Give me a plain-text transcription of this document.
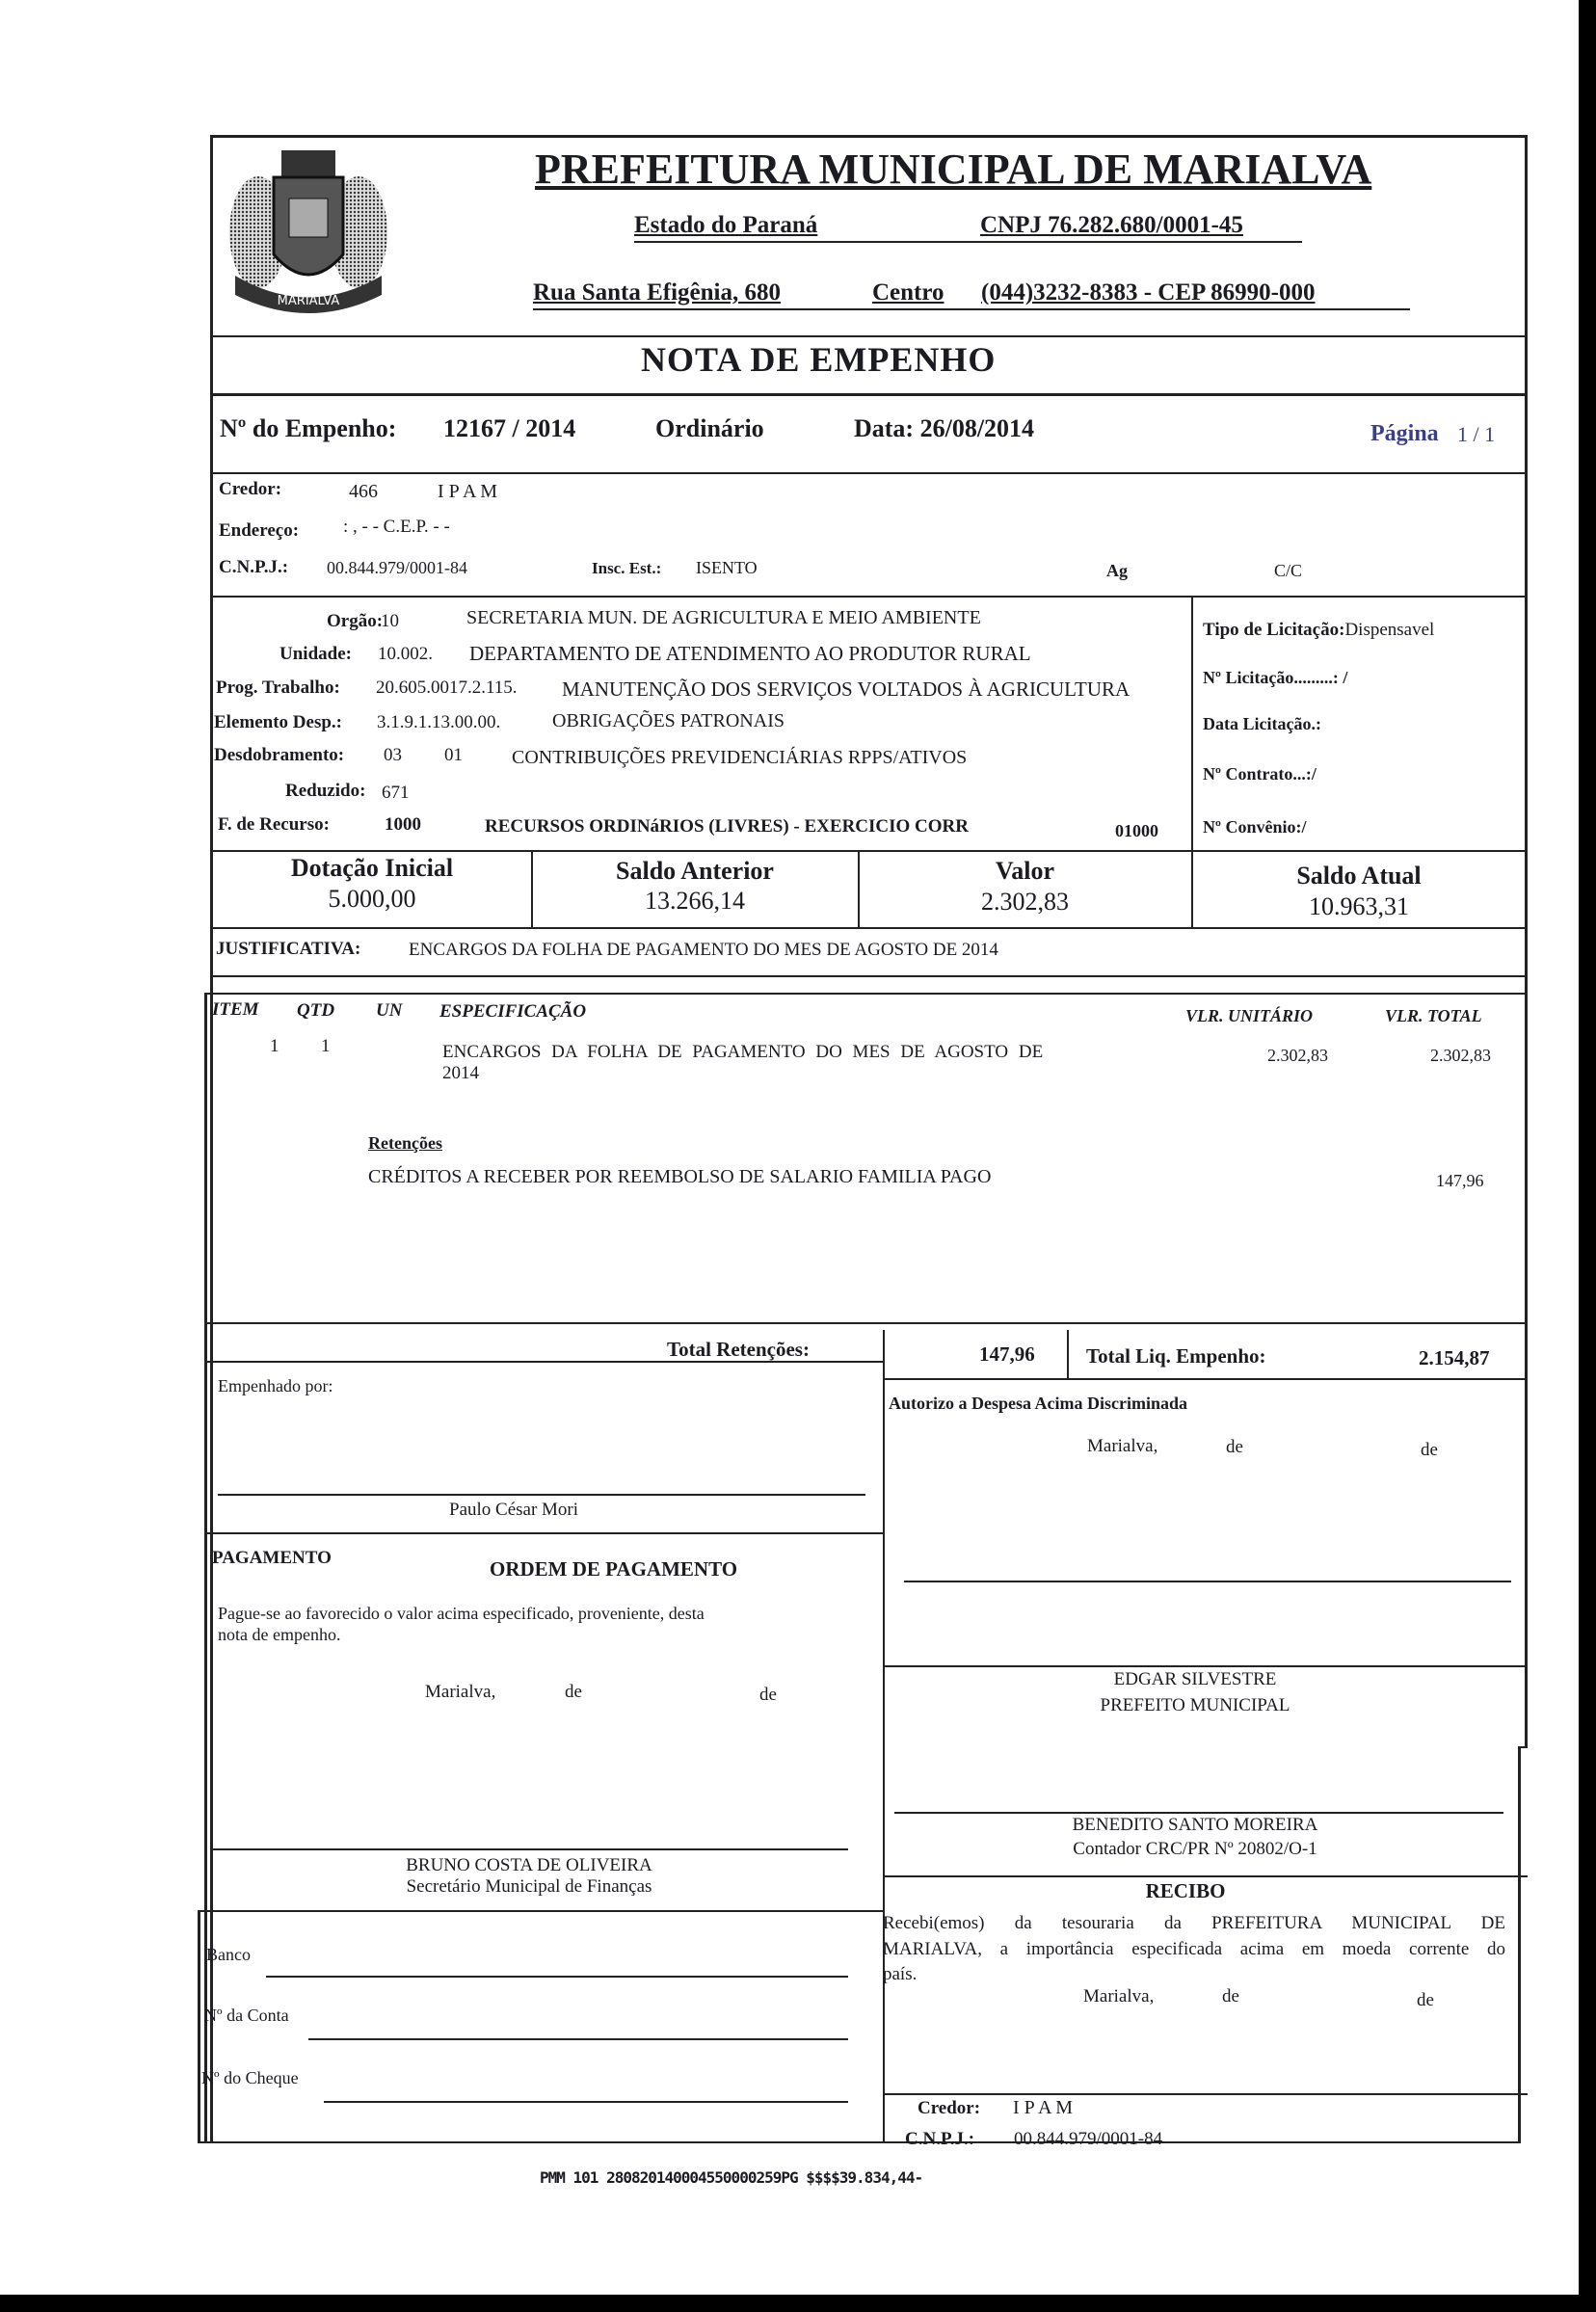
MARIALVA
PREFEITURA MUNICIPAL DE MARIALVA
Estado do Paraná	CNPJ 76.282.680/0001-45
Rua Santa Efigênia, 680	Centro (044)3232-8383 - CEP 86990-000
NOTA DE EMPENHO
Nº do Empenho: 12167 / 2014	Ordinário	Data: 26/08/2014	Página 1 / 1
Credor:	466	I P A M
Endereço: : , - - C.E.P. - -
C.N.P.J.: 00.844.979/0001-84	Insc. Est.: ISENTO	Ag	C/C
Orgão:
10	SECRETARIA MUN. DE AGRICULTURA E MEIO AMBIENTE
Unidade: 10.002. DEPARTAMENTO DE ATENDIMENTO AO PRODUTOR RURAL
Prog. Trabalho: 20.605.0017.2.115. MANUTENÇÃO DOS SERVIÇOS VOLTADOS À AGRICULTURA
Elemento Desp.: 3.1.9.1.13.00.00.	OBRIGAÇÕES PATRONAIS
Desdobramento: 03 01	CONTRIBUIÇÕES PREVIDENCIÁRIAS RPPS/ATIVOS
Reduzido: 671
F. de Recurso:	1000	RECURSOS ORDINáRIOS (LIVRES) - EXERCICIO CORR	01000
Tipo de Licitação:Dispensavel
Nº Licitação.........: /
Data Licitação.:
Nº Contrato...:/
Nº Convênio:/
Dotação Inicial
5.000,00
Saldo Anterior
13.266,14
Valor
2.302,83
Saldo Atual
10.963,31
JUSTIFICATIVA:	ENCARGOS DA FOLHA DE PAGAMENTO DO MES DE AGOSTO DE 2014
ITEM QTD UN ESPECIFICAÇÃO	VLR. UNITÁRIO	VLR. TOTAL
1 1	ENCARGOS DA FOLHA DE PAGAMENTO DO MES DE AGOSTO DE
2014
2.302,83	2.302,83
Retenções
CRÉDITOS A RECEBER POR REEMBOLSO DE SALARIO FAMILIA PAGO	147,96
Total Retenções:	147,96	Total Liq. Empenho:	2.154,87
Empenhado por:
Paulo César Mori
PAGAMENTO	ORDEM DE PAGAMENTO
Pague-se ao favorecido o valor acima especificado, proveniente, desta
nota de empenho.
Marialva,	de	de
BRUNO COSTA DE OLIVEIRA
Secretário Municipal de Finanças
Banco
Nº da Conta
Nº do Cheque
Autorizo a Despesa Acima Discriminada
Marialva,	de	de
EDGAR SILVESTRE
PREFEITO MUNICIPAL
BENEDITO SANTO MOREIRA
Contador CRC/PR Nº 20802/O-1
RECIBO
Recebi(emos) da tesouraria da PREFEITURA MUNICIPAL DE
MARIALVA, a importância especificada acima em moeda corrente do
país.
Marialva,	de	de
Credor: I P A M
C.N.P.J.: 00.844.979/0001-84
PMM 101 280820140004550000259PG $$$$39.834,44-
